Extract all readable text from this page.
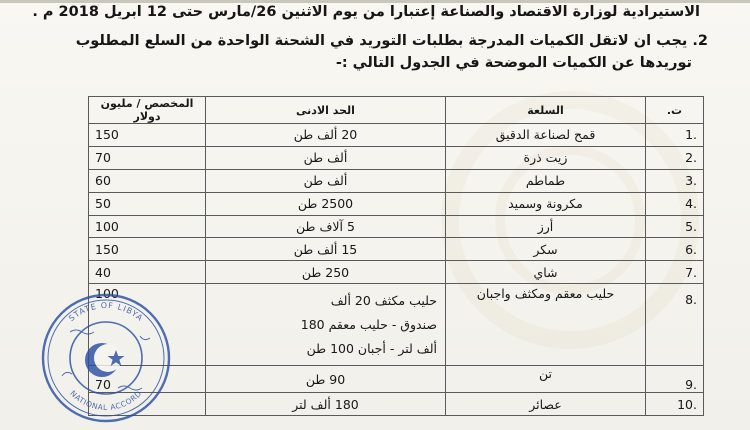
الاستيرادية لوزارة الاقتصاد والصناعة إعتبارا من يوم الاثنين 26/مارس حتى 12 ابريل 2018 م .
2. يجب ان لاتقل الكميات المدرجة بطلبات التوريد في الشحنة الواحدة من السلع المطلوب
توريدها عن الكميات الموضحة في الجدول التالي :-
ت.	السلعة	الحد الادنى	المخصص / مليون دولار
.1	قمح لصناعة الدقيق	20 ألف طن	150
.2	زيت ذرة	ألف طن	70
.3	طماطم	ألف طن	60
.4	مكرونة وسميد	2500 طن	50
.5	أرز	5 آلاف طن	100
.6	سكر	15 ألف طن	150
.7	شاي	250 طن	40
.8	حليب معقم ومكثف واجبان	حليب مكثف 20 ألف
صندوق - حليب معقم 180
ألف لتر - أجبان 100 طن	100
.9	تن	90 طن	70
.10	عصائر	180 ألف لتر	
STATE OF LIBYA
NATIONAL ACCORD
